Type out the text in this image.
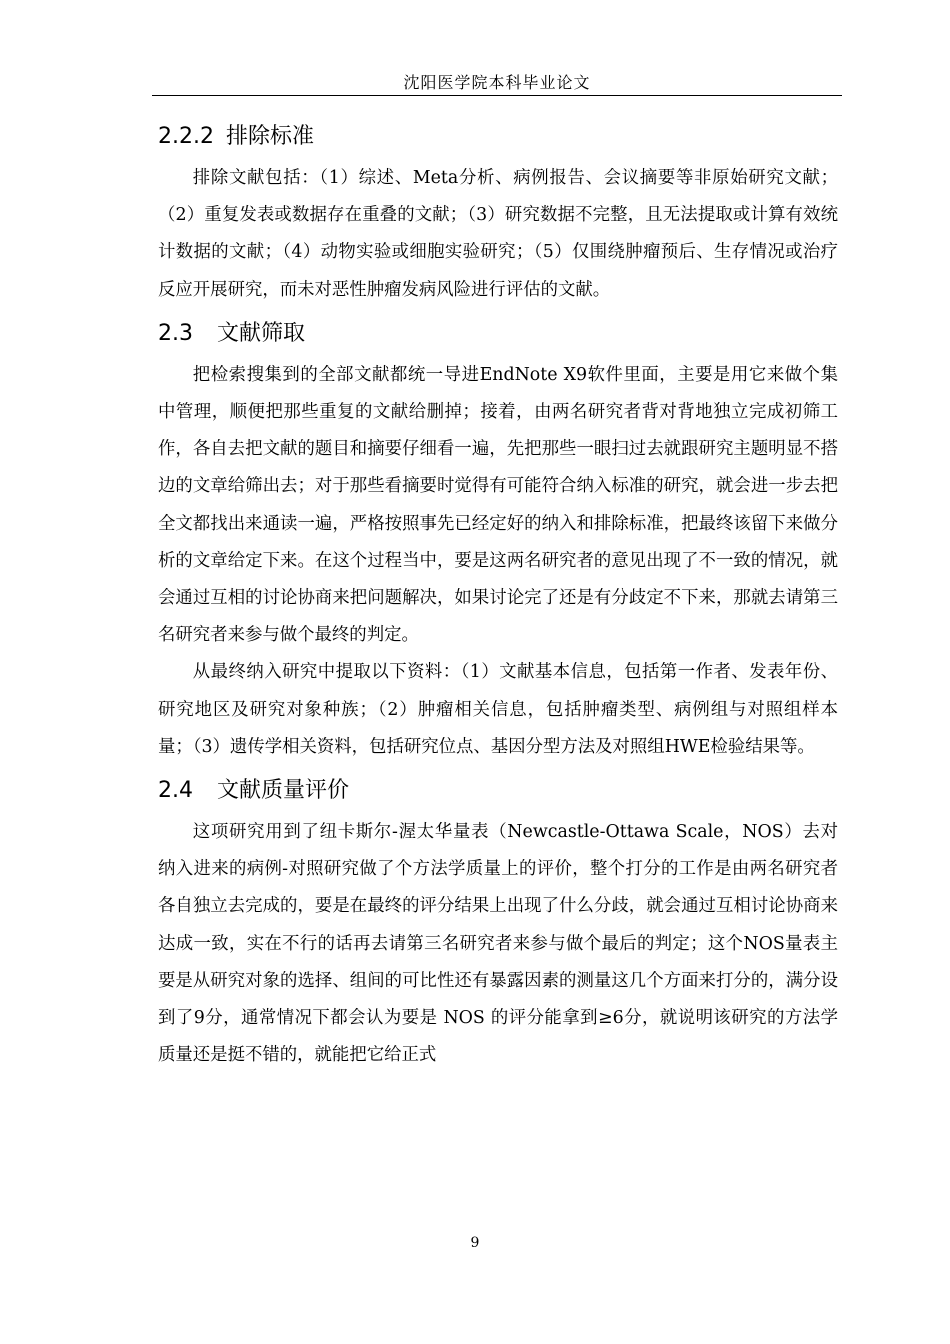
沈阳医学院本科毕业论文
2.2.2 排除标准

排除文献包括：（1）综述、Meta分析、病例报告、会议摘要等非原始研究文献；（2）重复发表或数据存在重叠的文献；（3）研究数据不完整，且无法提取或计算有效统计数据的文献；（4）动物实验或细胞实验研究；（5）仅围绕肿瘤预后、生存情况或治疗反应开展研究，而未对恶性肿瘤发病风险进行评估的文献。

2.3 文献筛取

把检索搜集到的全部文献都统一导进EndNote X9软件里面，主要是用它来做个集中管理，顺便把那些重复的文献给删掉；接着，由两名研究者背对背地独立完成初筛工作，各自去把文献的题目和摘要仔细看一遍，先把那些一眼扫过去就跟研究主题明显不搭边的文章给筛出去；对于那些看摘要时觉得有可能符合纳入标准的研究，就会进一步去把全文都找出来通读一遍，严格按照事先已经定好的纳入和排除标准，把最终该留下来做分析的文章给定下来。在这个过程当中，要是这两名研究者的意见出现了不一致的情况，就会通过互相的讨论协商来把问题解决，如果讨论完了还是有分歧定不下来，那就去请第三名研究者来参与做个最终的判定。

从最终纳入研究中提取以下资料：（1）文献基本信息，包括第一作者、发表年份、研究地区及研究对象种族；（2）肿瘤相关信息，包括肿瘤类型、病例组与对照组样本量；（3）遗传学相关资料，包括研究位点、基因分型方法及对照组HWE检验结果等。

2.4 文献质量评价

这项研究用到了纽卡斯尔-渥太华量表（Newcastle-Ottawa Scale，NOS）去对纳入进来的病例-对照研究做了个方法学质量上的评价，整个打分的工作是由两名研究者各自独立去完成的，要是在最终的评分结果上出现了什么分歧，就会通过互相讨论协商来达成一致，实在不行的话再去请第三名研究者来参与做个最后的判定；这个NOS量表主要是从研究对象的选择、组间的可比性还有暴露因素的测量这几个方面来打分的，满分设到了9分，通常情况下都会认为要是 NOS 的评分能拿到≥6分，就说明该研究的方法学质量还是挺不错的，就能把它给正式

9
